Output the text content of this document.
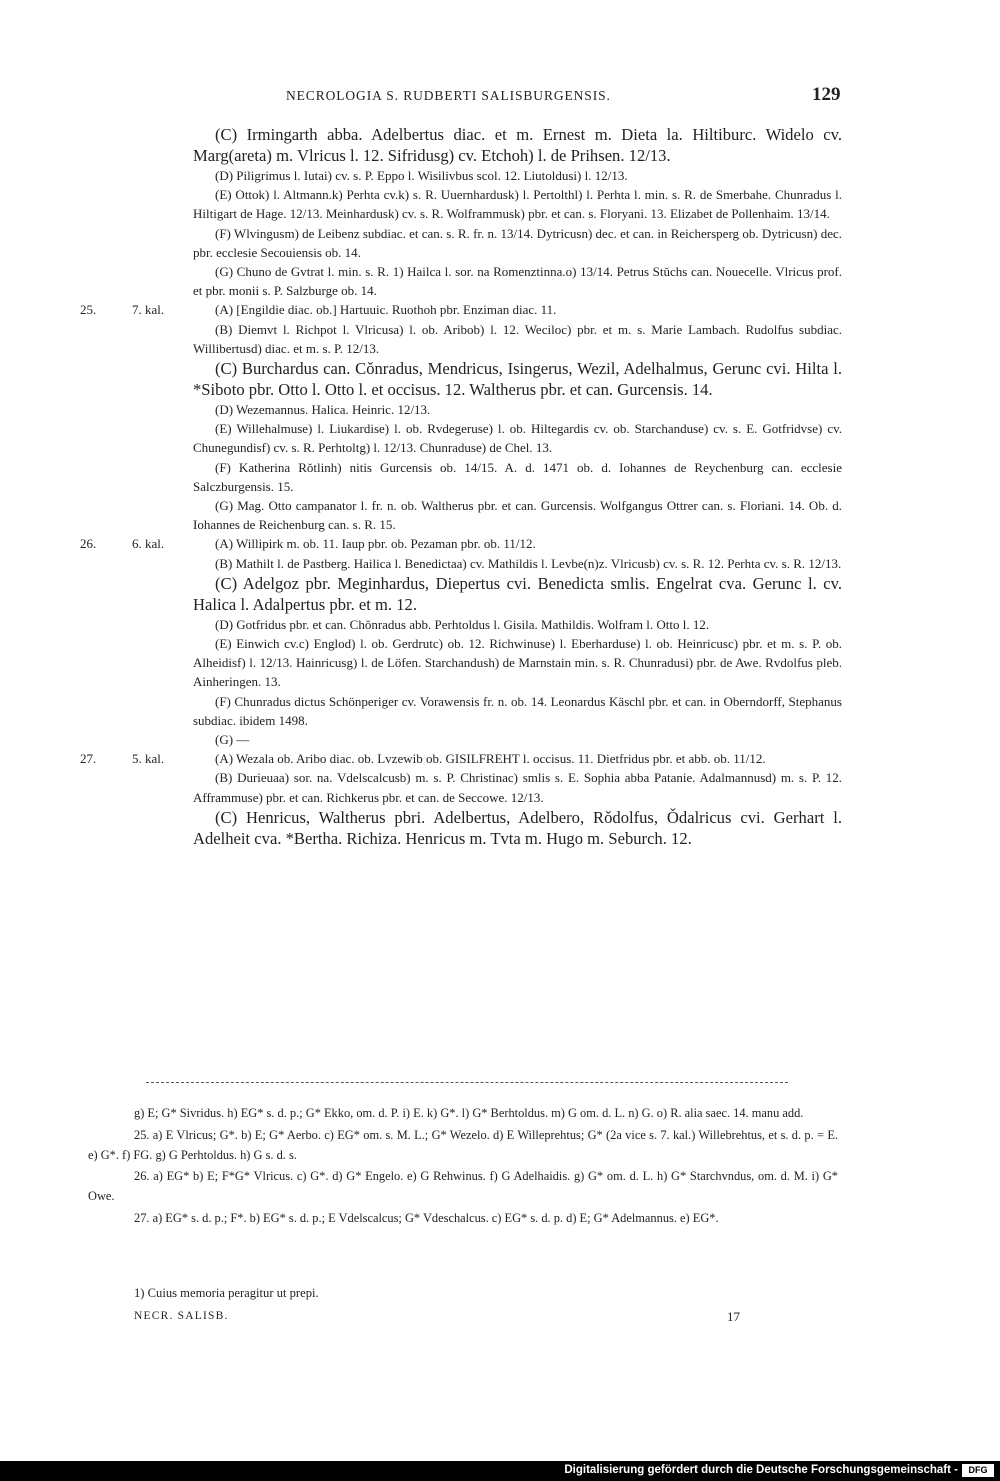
NECROLOGIA S. RUDBERTI SALISBURGENSIS.	129
(C) Irmingarth abba. Adelbertus diac. et m. Ernest m. Dieta la. Hiltiburc. Widelo cv. Marg(areta) m. Vlricus l. 12. Sifridusg) cv. Etchoh) l. de Prihsen. 12/13.
(D) Piligrimus l. Iutai) cv. s. P. Eppo l. Wisilivbus scol. 12. Liutoldusi) l. 12/13.
(E) Ottok) l. Altmann.k) Perhta cv.k) s. R. Uuernhardusk) l. Pertolthl) l. Perhta l. min. s. R. de Smerbahe. Chunradus l. Hiltigart de Hage. 12/13. Meinhardusk) cv. s. R. Wolframmusk) pbr. et can. s. Floryani. 13. Elizabet de Pollenhaim. 13/14.
(F) Wlvingusm) de Leibenz subdiac. et can. s. R. fr. n. 13/14. Dytricusn) dec. et can. in Reichersperg ob. Dytricusn) dec. pbr. ecclesie Secouiensis ob. 14.
(G) Chuno de Gvtrat l. min. s. R. 1) Hailca l. sor. na Romenztinna.o) 13/14. Petrus Stǔchs can. Nouecelle. Vlricus prof. et pbr. monii s. P. Salzburge ob. 14.
25.	7. kal.	(A) [Engildie diac. ob.] Hartuuic. Ruothoh pbr. Enziman diac. 11.
(B) Diemvt l. Richpot l. Vlricusa) l. ob. Aribob) l. 12. Weciloc) pbr. et m. s. Marie Lambach. Rudolfus subdiac. Willibertusd) diac. et m. s. P. 12/13.
(C) Burchardus can. Cǒnradus, Mendricus, Isingerus, Wezil, Adelhalmus, Gerunc cvi. Hilta l. *Siboto pbr. Otto l. Otto l. et occisus. 12. Waltherus pbr. et can. Gurcensis. 14.
(D) Wezemannus. Halica. Heinric. 12/13.
(E) Willehalmuse) l. Liukardise) l. ob. Rvdegeruse) l. ob. Hiltegardis cv. ob. Starchanduse) cv. s. E. Gotfridvse) cv. Chunegundisf) cv. s. R. Perhtoltg) l. 12/13. Chunraduse) de Chel. 13.
(F) Katherina Rǒtlinh) nitis Gurcensis ob. 14/15. A. d. 1471 ob. d. Iohannes de Reychenburg can. ecclesie Salczburgensis. 15.
(G) Mag. Otto campanator l. fr. n. ob. Waltherus pbr. et can. Gurcensis. Wolfgangus Ottrer can. s. Floriani. 14. Ob. d. Iohannes de Reichenburg can. s. R. 15.
26.	6. kal.	(A) Willipirk m. ob. 11. Iaup pbr. ob. Pezaman pbr. ob. 11/12.
(B) Mathilt l. de Pastberg. Hailica l. Benedictaa) cv. Mathildis l. Levbe(n)z. Vlricusb) cv. s. R. 12. Perhta cv. s. R. 12/13.
(C) Adelgoz pbr. Meginhardus, Diepertus cvi. Benedicta smlis. Engelrat cva. Gerunc l. cv. Halica l. Adalpertus pbr. et m. 12.
(D) Gotfridus pbr. et can. Chǒnradus abb. Perhtoldus l. Gisila. Mathildis. Wolfram l. Otto l. 12.
(E) Einwich cv.c) Englod) l. ob. Gerdrutc) ob. 12. Richwinuse) l. Eberharduse) l. ob. Heinricusc) pbr. et m. s. P. ob. Alheidisf) l. 12/13. Hainricusg) l. de Löfen. Starchandush) de Marnstain min. s. R. Chunradusi) pbr. de Awe. Rvdolfus pleb. Ainheringen. 13.
(F) Chunradus dictus Schönperiger cv. Vorawensis fr. n. ob. 14. Leonardus Käschl pbr. et can. in Oberndorff, Stephanus subdiac. ibidem 1498.
(G) —
27.	5. kal.	(A) Wezala ob. Aribo diac. ob. Lvzewib ob. GISILFREHT l. occisus. 11. Dietfridus pbr. et abb. ob. 11/12.
(B) Durieuaa) sor. na. Vdelscalcusb) m. s. P. Christinac) smlis s. E. Sophia abba Patanie. Adalmannusd) m. s. P. 12. Afframmuse) pbr. et can. Richkerus pbr. et can. de Seccowe. 12/13.
(C) Henricus, Waltherus pbri. Adelbertus, Adelbero, Rǒdolfus, Ǒdalricus cvi. Gerhart l. Adelheit cva. *Bertha. Richiza. Henricus m. Tvta m. Hugo m. Seburch. 12.
g) E; G* Sivridus. h) EG* s. d. p.; G* Ekko, om. d. P. i) E. k) G*. l) G* Berhtoldus. m) G om. d. L. n) G. o) R. alia saec. 14. manu add.
25. a) E Vlricus; G*. b) E; G* Aerbo. c) EG* om. s. M. L.; G* Wezelo. d) E Willeprehtus; G* (2a vice s. 7. kal.) Willebrehtus, et s. d. p. = E. e) G*. f) FG. g) G Perhtoldus. h) G s. d. s.
26. a) EG* b) E; F*G* Vlricus. c) G*. d) G* Engelo. e) G Rehwinus. f) G Adelhaidis. g) G* om. d. L. h) G* Starchvndus, om. d. M. i) G* Owe.
27. a) EG* s. d. p.; F*. b) EG* s. d. p.; E Vdelscalcus; G* Vdeschalcus. c) EG* s. d. p. d) E; G* Adelmannus. e) EG*.
1) Cuius memoria peragitur ut prepi.
NECR. SALISB.	17
Digitalisierung gefördert durch die Deutsche Forschungsgemeinschaft -	DFG
